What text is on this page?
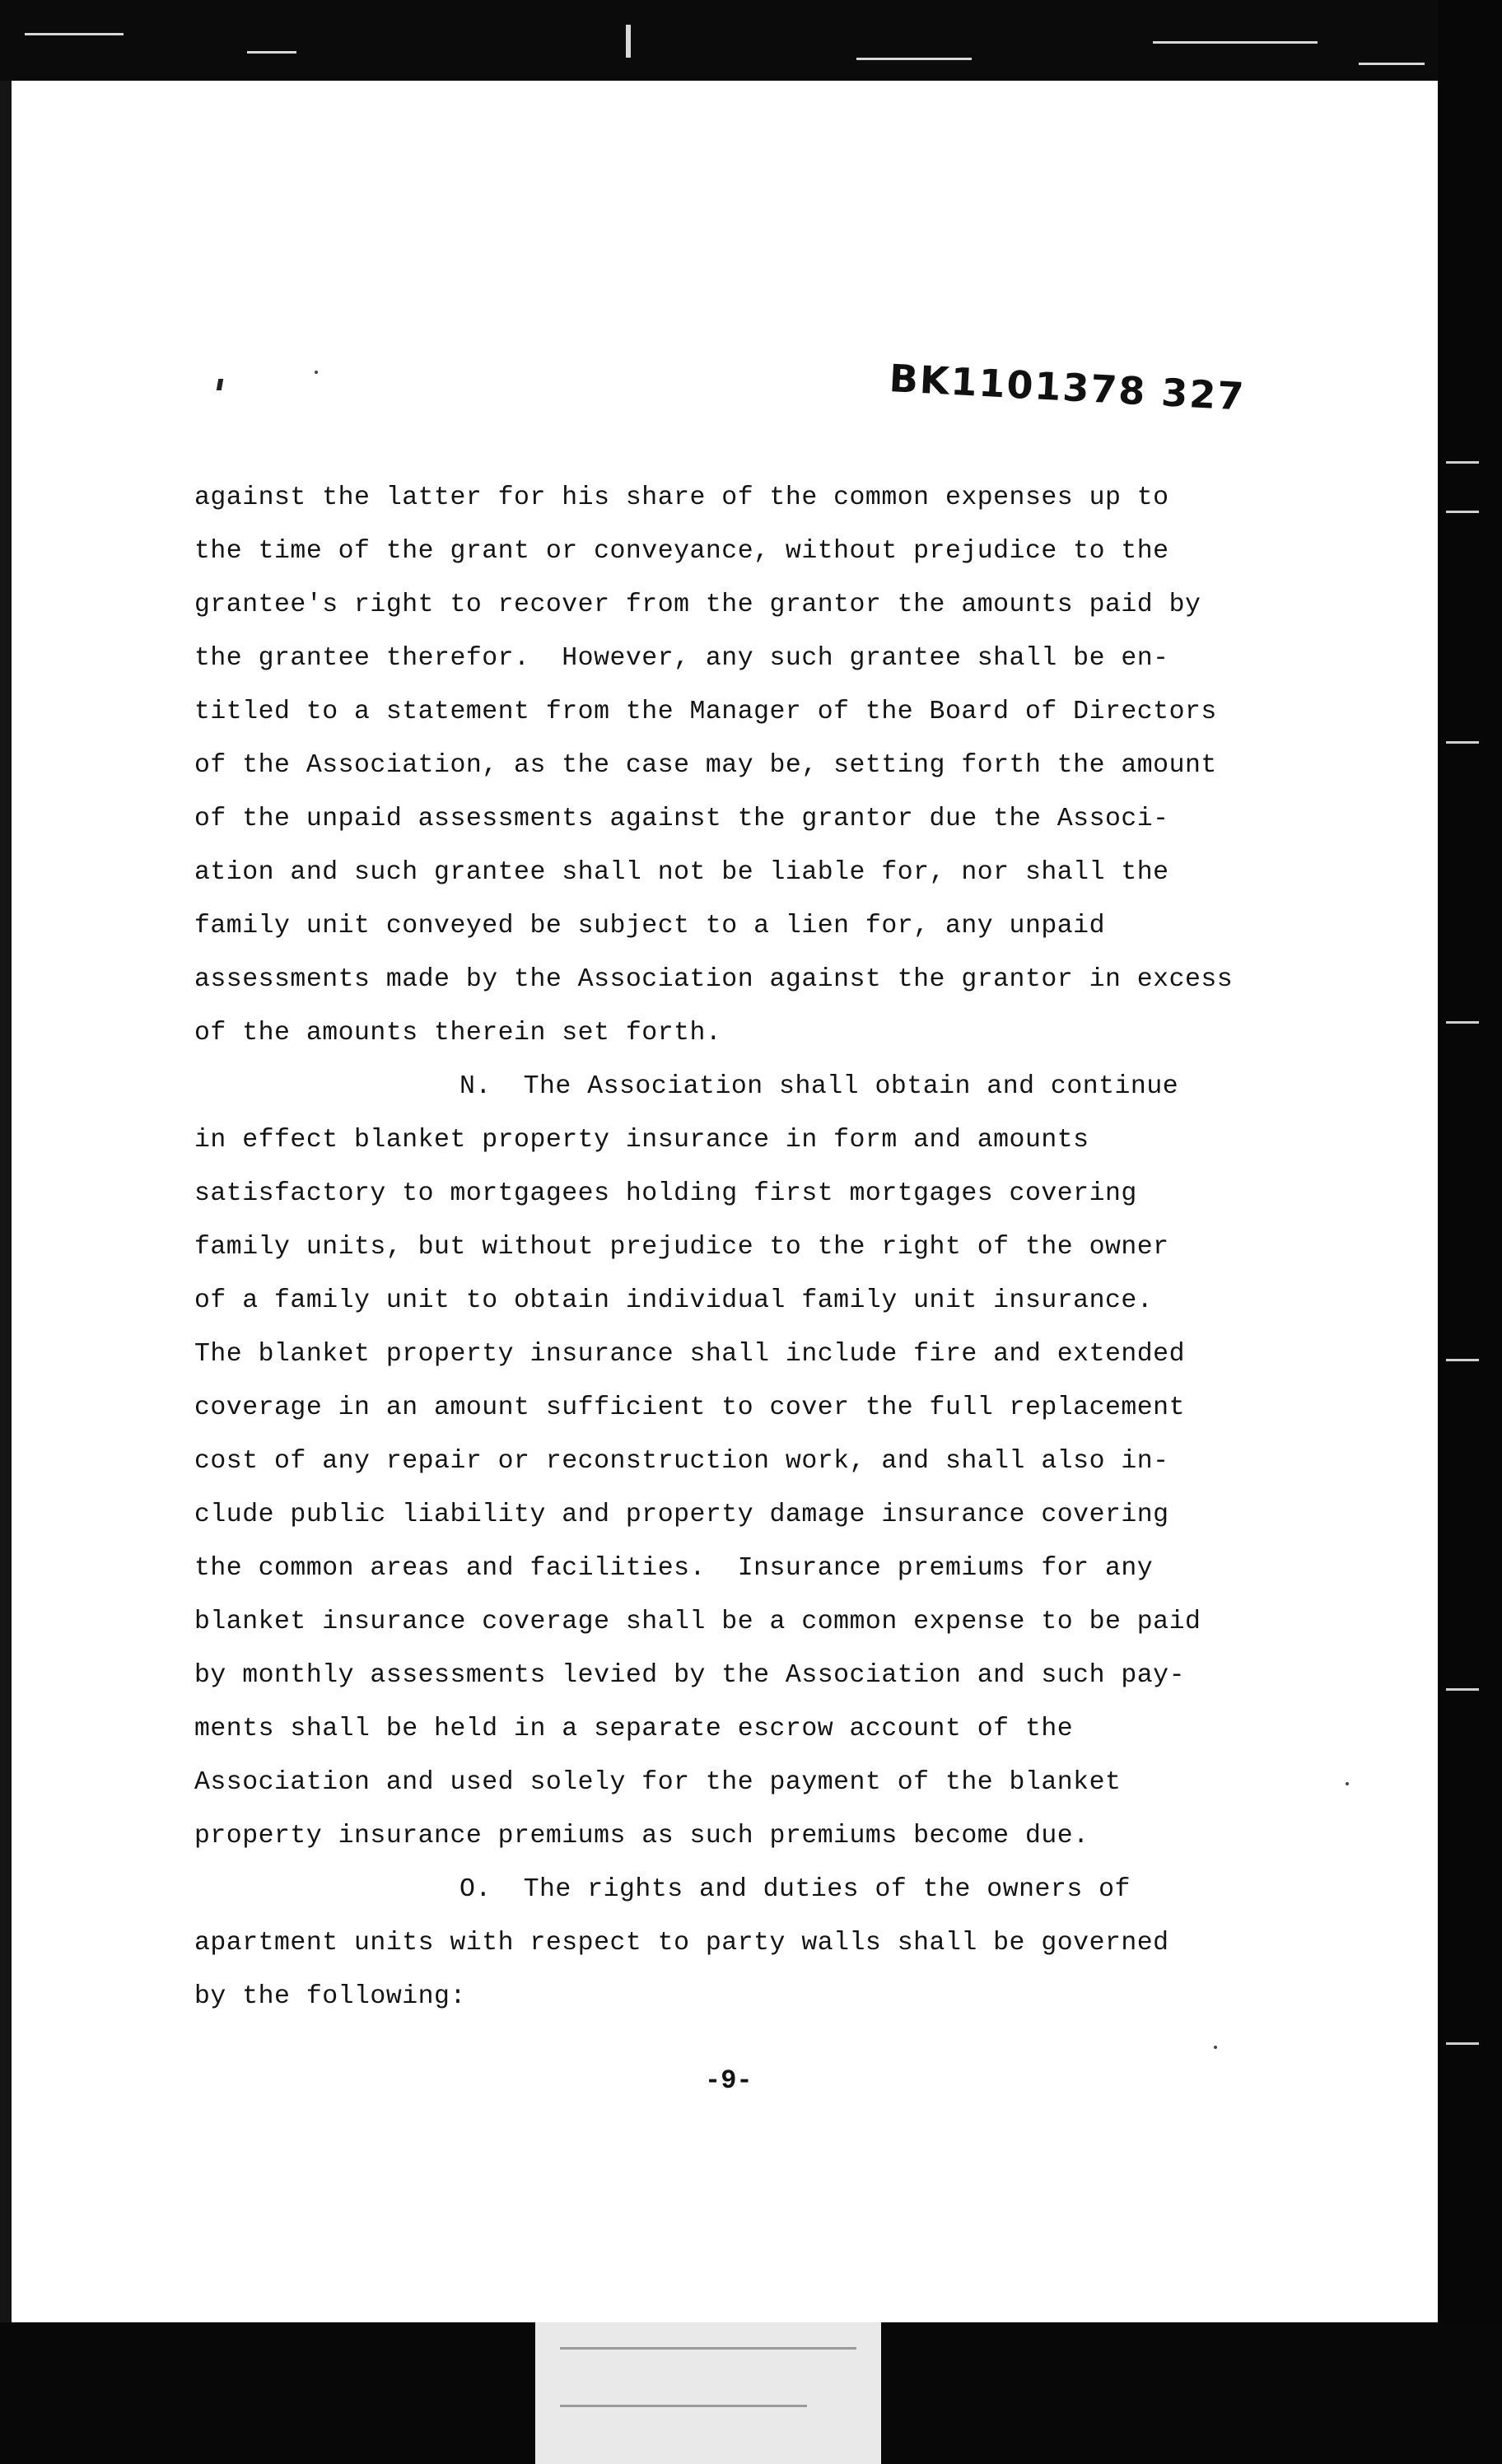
BK1101378 327
against the latter for his share of the common expenses up to
the time of the grant or conveyance, without prejudice to the
grantee's right to recover from the grantor the amounts paid by
the grantee therefor.  However, any such grantee shall be en-
titled to a statement from the Manager of the Board of Directors
of the Association, as the case may be, setting forth the amount
of the unpaid assessments against the grantor due the Associ-
ation and such grantee shall not be liable for, nor shall the
family unit conveyed be subject to a lien for, any unpaid
assessments made by the Association against the grantor in excess
of the amounts therein set forth.
N.  The Association shall obtain and continue
in effect blanket property insurance in form and amounts
satisfactory to mortgagees holding first mortgages covering
family units, but without prejudice to the right of the owner
of a family unit to obtain individual family unit insurance.
The blanket property insurance shall include fire and extended
coverage in an amount sufficient to cover the full replacement
cost of any repair or reconstruction work, and shall also in-
clude public liability and property damage insurance covering
the common areas and facilities.  Insurance premiums for any
blanket insurance coverage shall be a common expense to be paid
by monthly assessments levied by the Association and such pay-
ments shall be held in a separate escrow account of the
Association and used solely for the payment of the blanket
property insurance premiums as such premiums become due.
O.  The rights and duties of the owners of
apartment units with respect to party walls shall be governed
by the following:
-9-
